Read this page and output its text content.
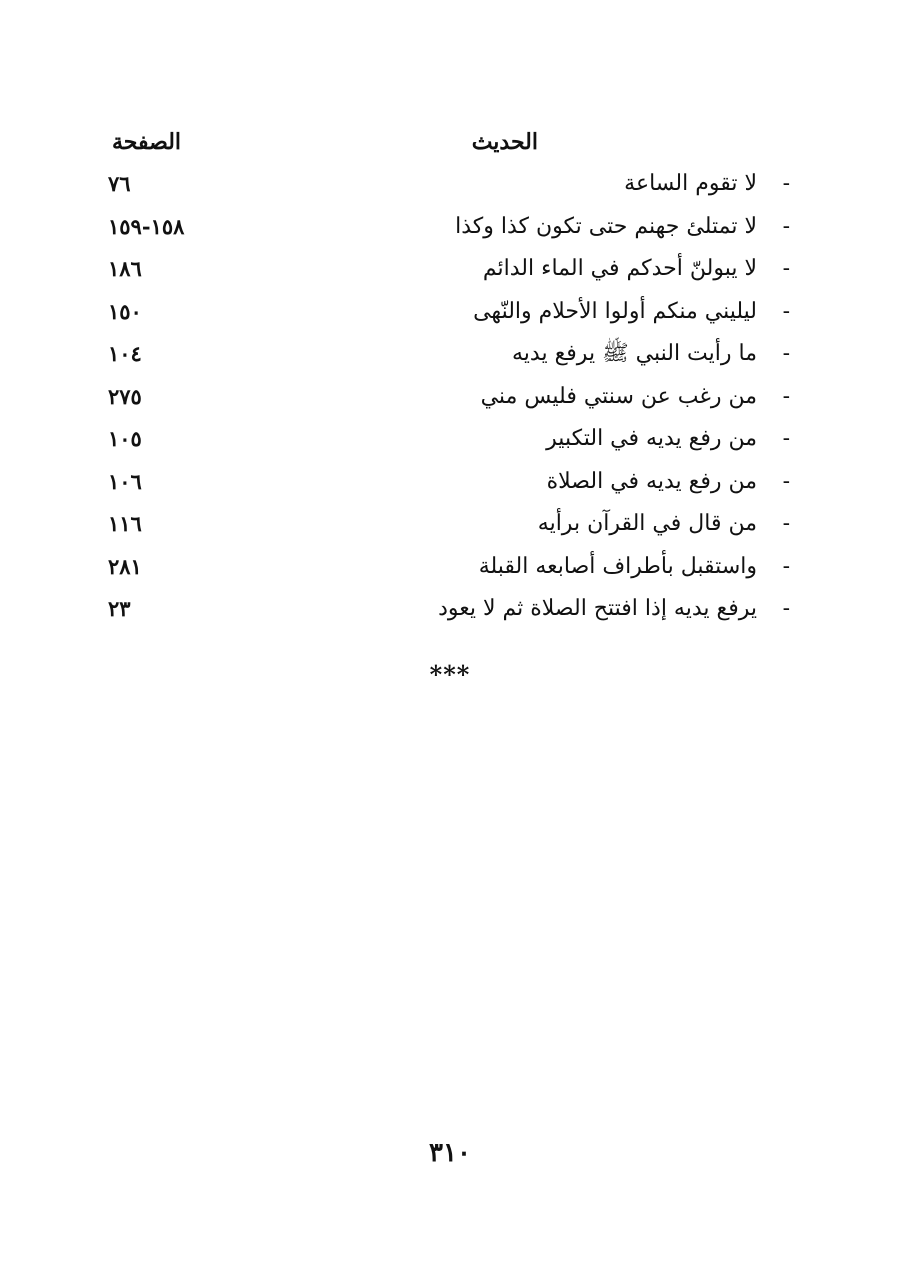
الحديث
الصفحة
- لا تقوم الساعة
٧٦
- لا تمتلئ جهنم حتى تكون كذا وكذا
١٥٨-١٥٩
- لا يبولنّ أحدكم في الماء الدائم
١٨٦
- ليليني منكم أولوا الأحلام والنّهى
١٥٠
- ما رأيت النبي ﷺ يرفع يديه
١٠٤
- من رغب عن سنتي فليس مني
٢٧٥
- من رفع يديه في التكبير
١٠٥
- من رفع يديه في الصلاة
١٠٦
- من قال في القرآن برأيه
١١٦
- واستقبل بأطراف أصابعه القبلة
٢٨١
- يرفع يديه إذا افتتح الصلاة ثم لا يعود
٢٣
***
٣١٠
